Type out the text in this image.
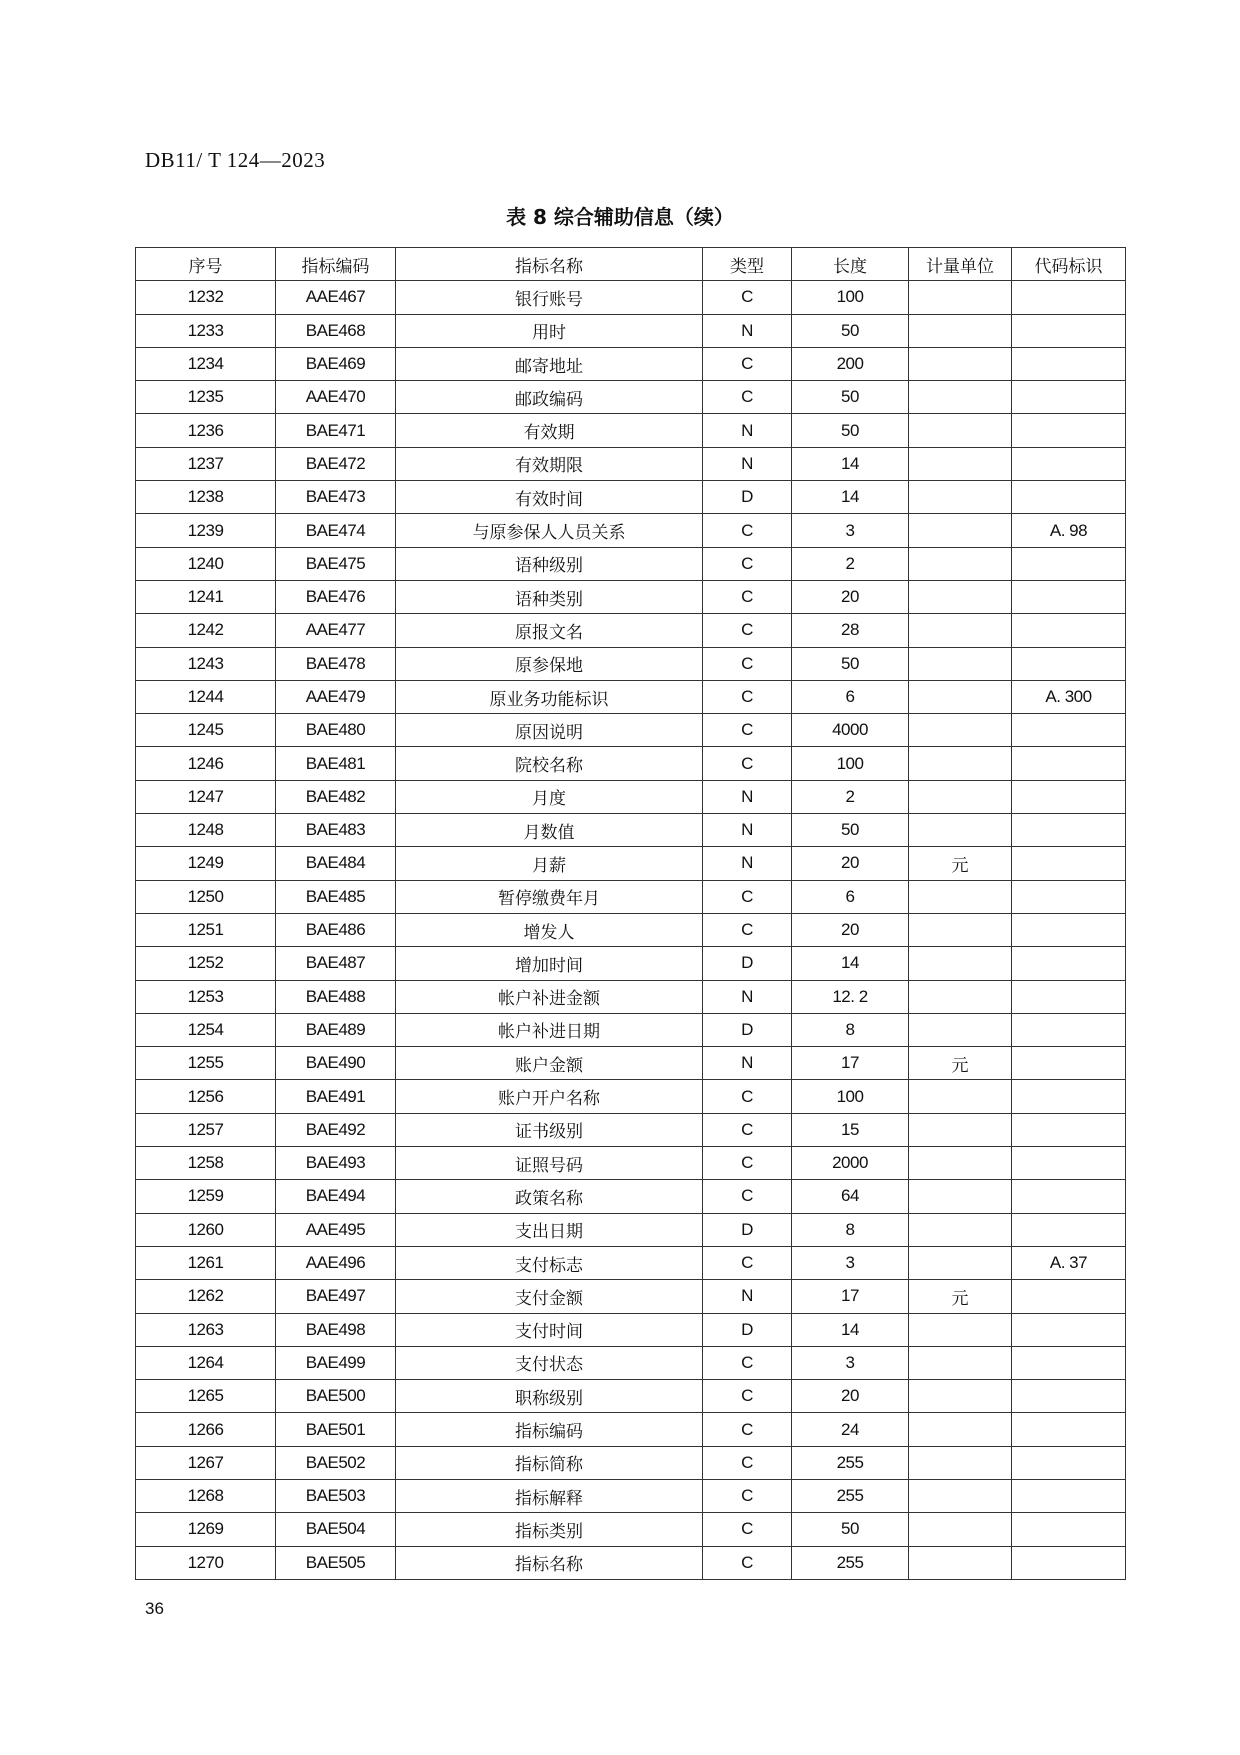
DB11/ T 124—2023
表 8 综合辅助信息（续）
序号	指标编码	指标名称	类型	长度	计量单位	代码标识
1232	AAE467	银行账号	C	100		
1233	BAE468	用时	N	50		
1234	BAE469	邮寄地址	C	200		
1235	AAE470	邮政编码	C	50		
1236	BAE471	有效期	N	50		
1237	BAE472	有效期限	N	14		
1238	BAE473	有效时间	D	14		
1239	BAE474	与原参保人人员关系	C	3		A. 98
1240	BAE475	语种级别	C	2		
1241	BAE476	语种类别	C	20		
1242	AAE477	原报文名	C	28		
1243	BAE478	原参保地	C	50		
1244	AAE479	原业务功能标识	C	6		A. 300
1245	BAE480	原因说明	C	4000		
1246	BAE481	院校名称	C	100		
1247	BAE482	月度	N	2		
1248	BAE483	月数值	N	50		
1249	BAE484	月薪	N	20	元	
1250	BAE485	暂停缴费年月	C	6		
1251	BAE486	增发人	C	20		
1252	BAE487	增加时间	D	14		
1253	BAE488	帐户补进金额	N	12. 2		
1254	BAE489	帐户补进日期	D	8		
1255	BAE490	账户金额	N	17	元	
1256	BAE491	账户开户名称	C	100		
1257	BAE492	证书级别	C	15		
1258	BAE493	证照号码	C	2000		
1259	BAE494	政策名称	C	64		
1260	AAE495	支出日期	D	8		
1261	AAE496	支付标志	C	3		A. 37
1262	BAE497	支付金额	N	17	元	
1263	BAE498	支付时间	D	14		
1264	BAE499	支付状态	C	3		
1265	BAE500	职称级别	C	20		
1266	BAE501	指标编码	C	24		
1267	BAE502	指标简称	C	255		
1268	BAE503	指标解释	C	255		
1269	BAE504	指标类别	C	50		
1270	BAE505	指标名称	C	255		
36
